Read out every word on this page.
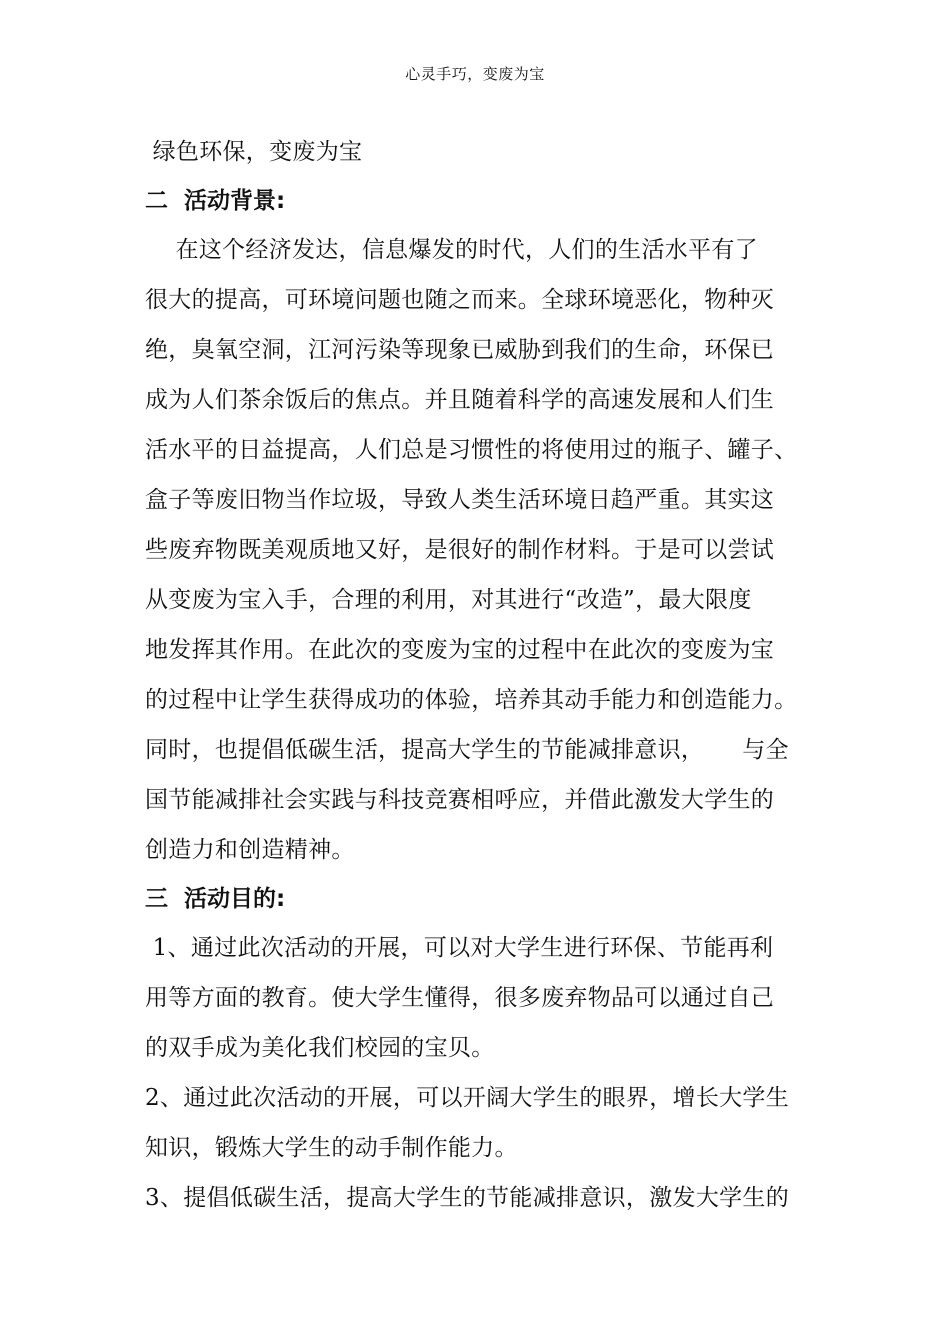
心灵手巧，变废为宝
绿色环保，变废为宝
二  活动背景:
在这个经济发达，信息爆发的时代，人们的生活水平有了
很大的提高，可环境问题也随之而来。全球环境恶化，物种灭
绝，臭氧空洞，江河污染等现象已威胁到我们的生命，环保已
成为人们茶余饭后的焦点。并且随着科学的高速发展和人们生
活水平的日益提高，人们总是习惯性的将使用过的瓶子、罐子、
盒子等废旧物当作垃圾，导致人类生活环境日趋严重。其实这
些废弃物既美观质地又好，是很好的制作材料。于是可以尝试
从变废为宝入手，合理的利用，对其进行“改造”，最大限度
地发挥其作用。在此次的变废为宝的过程中在此次的变废为宝
的过程中让学生获得成功的体验，培养其动手能力和创造能力。
同时，也提倡低碳生活，提高大学生的节能减排意识，     与全
国节能减排社会实践与科技竞赛相呼应，并借此激发大学生的
创造力和创造精神。
三  活动目的:
1、通过此次活动的开展，可以对大学生进行环保、节能再利
用等方面的教育。使大学生懂得，很多废弃物品可以通过自己
的双手成为美化我们校园的宝贝。
2、通过此次活动的开展，可以开阔大学生的眼界，增长大学生
知识，锻炼大学生的动手制作能力。
3、提倡低碳生活，提高大学生的节能减排意识，激发大学生的
